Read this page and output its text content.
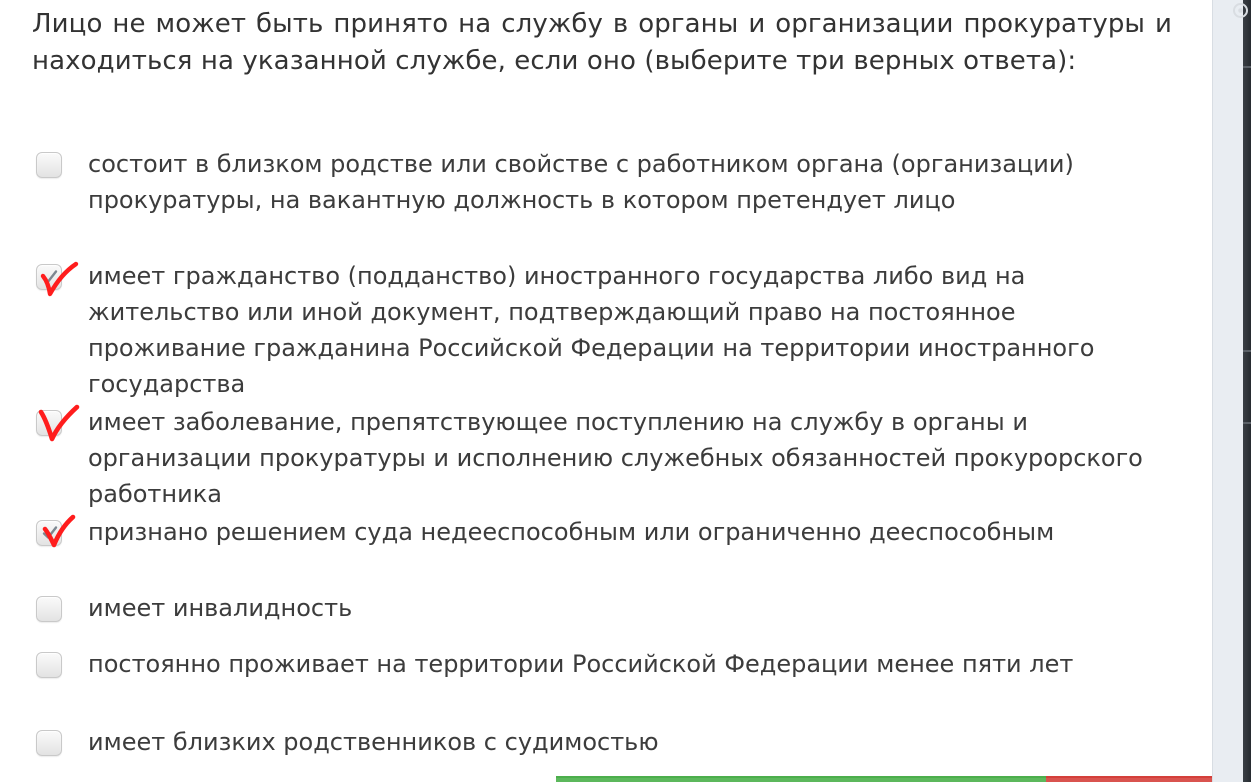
Лицо не может быть принято на службу в органы и организации прокуратуры и находиться на указанной службе, если оно (выберите три верных ответа):
состоит в близком родстве или свойстве с работником органа (организации) прокуратуры, на вакантную должность в котором претендует лицо
имеет гражданство (подданство) иностранного государства либо вид на жительство или иной документ, подтверждающий право на постоянное проживание гражданина Российской Федерации на территории иностранного государства
имеет заболевание, препятствующее поступлению на службу в органы и организации прокуратуры и исполнению служебных обязанностей прокурорского работника
признано решением суда недееспособным или ограниченно дееспособным
имеет инвалидность
постоянно проживает на территории Российской Федерации менее пяти лет
имеет близких родственников с судимостью
